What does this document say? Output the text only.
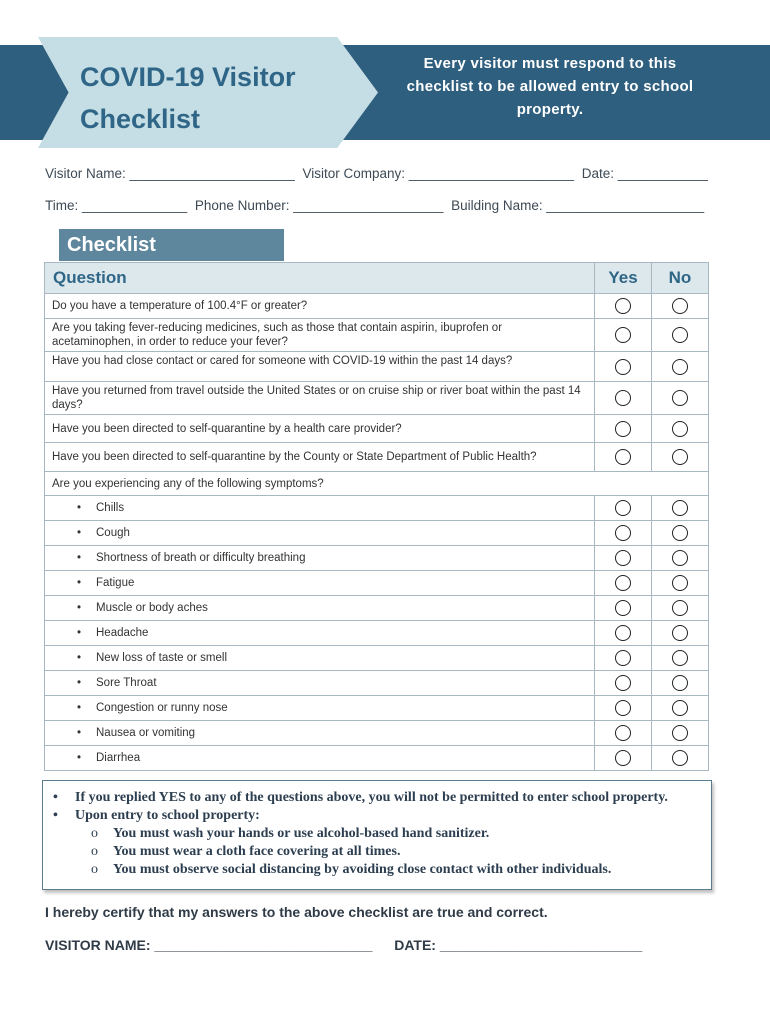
COVID-19 Visitor
Checklist
Every visitor must respond to this checklist to be allowed entry to school property.
Visitor Name: ______________________ Visitor Company: ______________________ Date: ____________
Time: ______________ Phone Number: ____________________ Building Name: _____________________
Checklist
Question	Yes	No
Do you have a temperature of 100.4°F or greater?		
Are you taking fever-reducing medicines, such as those that contain aspirin, ibuprofen or acetaminophen, in order to reduce your fever?		
Have you had close contact or cared for someone with COVID-19 within the past 14 days?		
Have you returned from travel outside the United States or on cruise ship or river boat within the past 14 days?		
Have you been directed to self-quarantine by a health care provider?		
Have you been directed to self-quarantine by the County or State Department of Public Health?		
Are you experiencing any of the following symptoms?		
• Chills		
• Cough		
• Shortness of breath or difficulty breathing		
• Fatigue		
• Muscle or body aches		
• Headache		
• New loss of taste or smell		
• Sore Throat		
• Congestion or runny nose		
• Nausea or vomiting		
• Diarrhea		
• If you replied YES to any of the questions above, you will not be permitted to enter school property.
• Upon entry to school property:
o You must wash your hands or use alcohol-based hand sanitizer.
o You must wear a cloth face covering at all times.
o You must observe social distancing by avoiding close contact with other individuals.
I hereby certify that my answers to the above checklist are true and correct.
VISITOR NAME: ____________________________ DATE: __________________________
